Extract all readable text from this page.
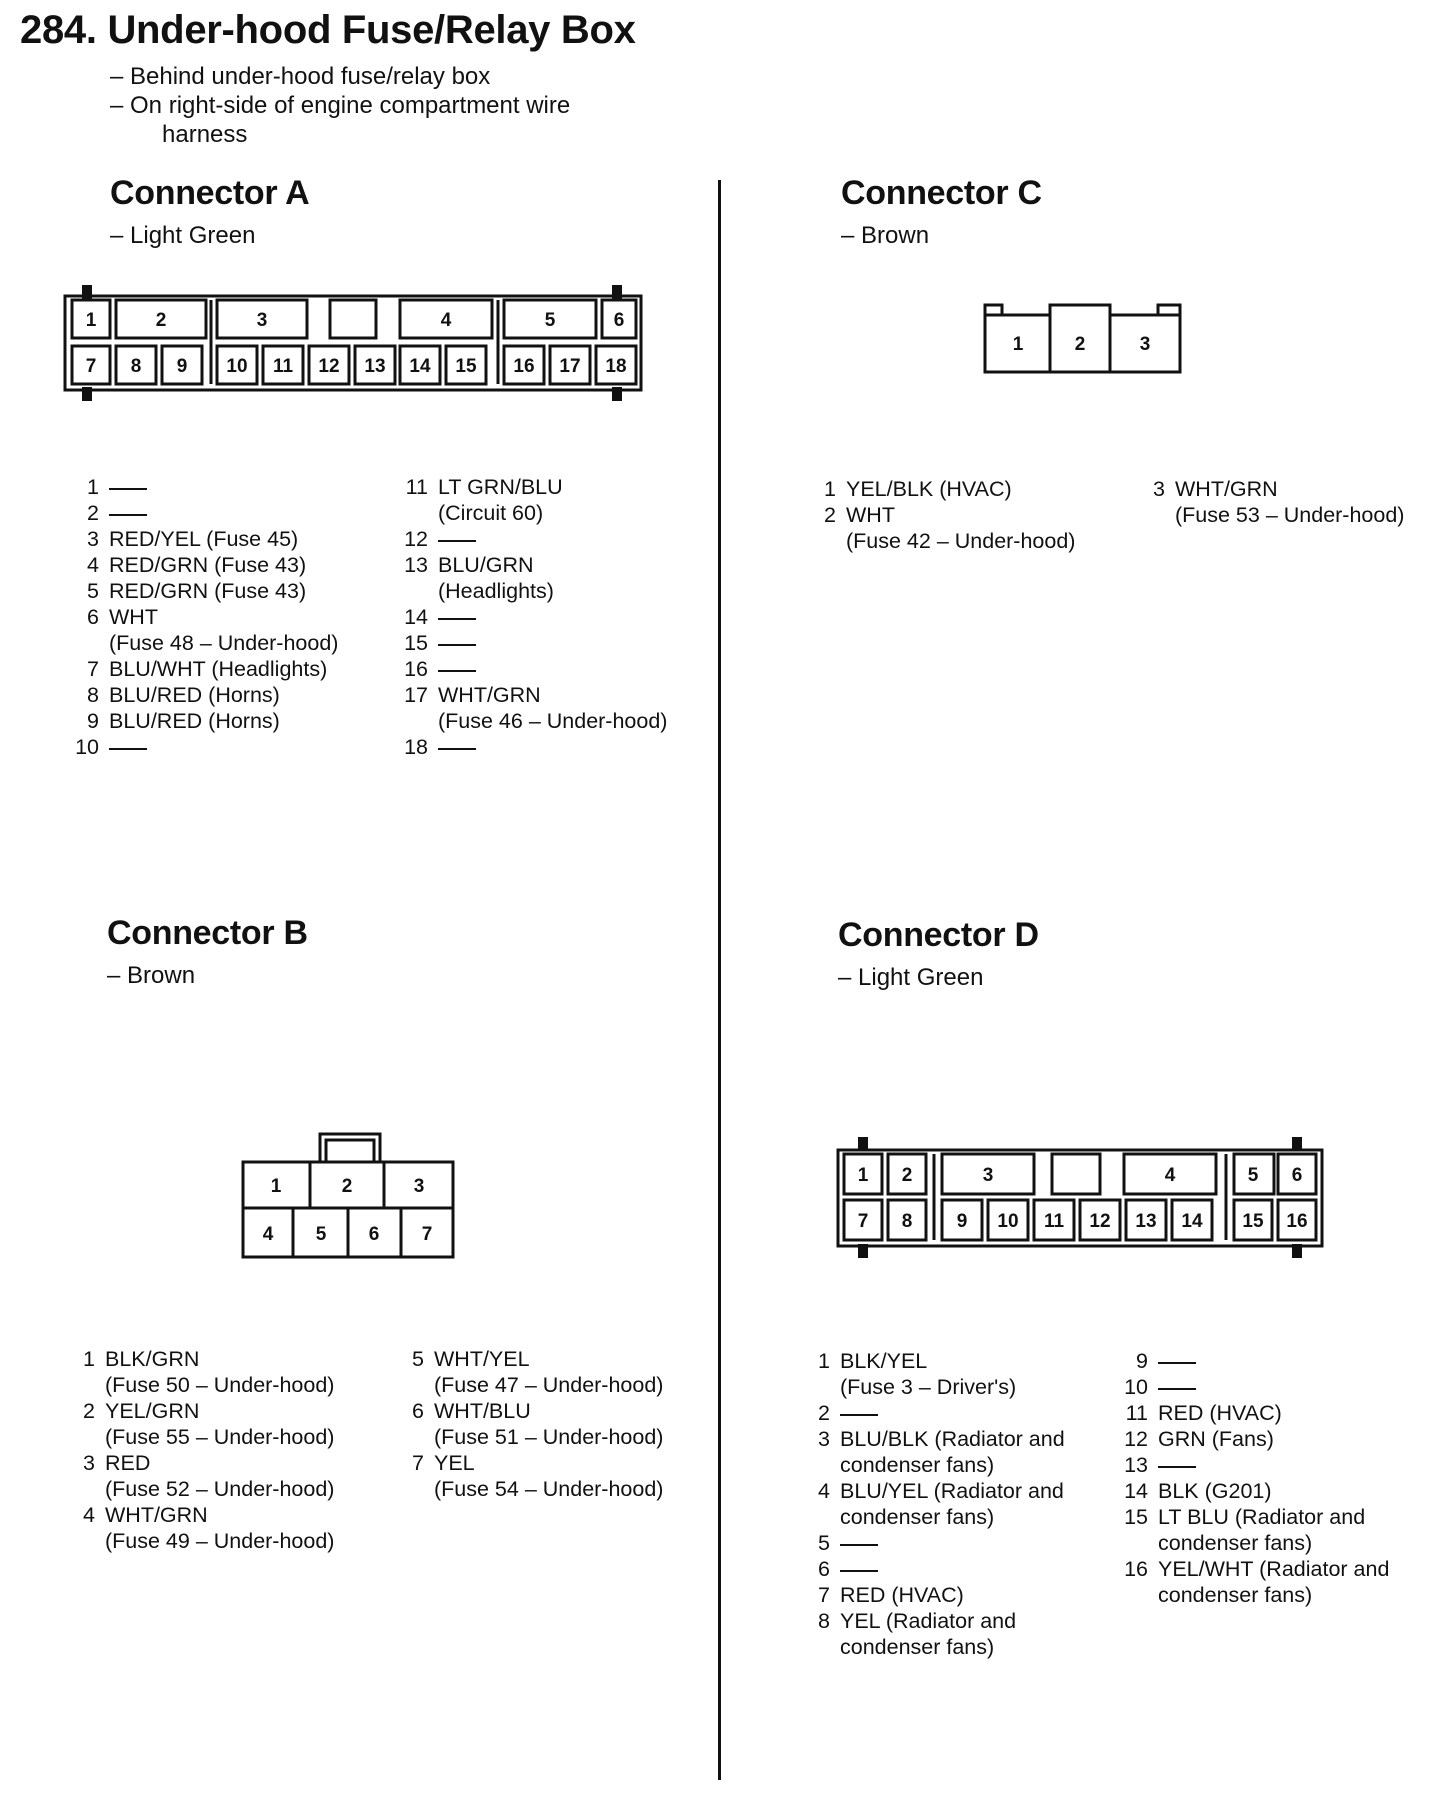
284. Under-hood Fuse/Relay Box
– Behind under-hood fuse/relay box
– On right-side of engine compartment wire
harness
Connector A
– Light Green
1	2	3	4	5	6
7 8 9 10 11 12 13 14 15 16 17 18
1
2
3 RED/YEL (Fuse 45)
4 RED/GRN (Fuse 43)
5 RED/GRN (Fuse 43)
6 WHT
(Fuse 48 – Under-hood)
7 BLU/WHT (Headlights)
8 BLU/RED (Horns)
9 BLU/RED (Horns)
10
11 LT GRN/BLU
(Circuit 60)
12
13 BLU/GRN
(Headlights)
14
15
16
17 WHT/GRN
(Fuse 46 – Under-hood)
18
Connector C
– Brown
1	2	3
1 YEL/BLK (HVAC)
2 WHT
(Fuse 42 – Under-hood)
3 WHT/GRN
(Fuse 53 – Under-hood)
Connector B
– Brown
1	2	3
4 5 6 7
1 BLK/GRN
(Fuse 50 – Under-hood)
2 YEL/GRN
(Fuse 55 – Under-hood)
3 RED
(Fuse 52 – Under-hood)
4 WHT/GRN
(Fuse 49 – Under-hood)
5 WHT/YEL
(Fuse 47 – Under-hood)
6 WHT/BLU
(Fuse 51 – Under-hood)
7 YEL
(Fuse 54 – Under-hood)
Connector D
– Light Green
1 2	3	4	5 6
7 8 9 10 11 12 13 14 15 16
1 BLK/YEL
(Fuse 3 – Driver's)
2
3 BLU/BLK (Radiator and
condenser fans)
4 BLU/YEL (Radiator and
condenser fans)
5
6
7 RED (HVAC)
8 YEL (Radiator and
condenser fans)
9
10
11 RED (HVAC)
12 GRN (Fans)
13
14 BLK (G201)
15 LT BLU (Radiator and
condenser fans)
16 YEL/WHT (Radiator and
condenser fans)
